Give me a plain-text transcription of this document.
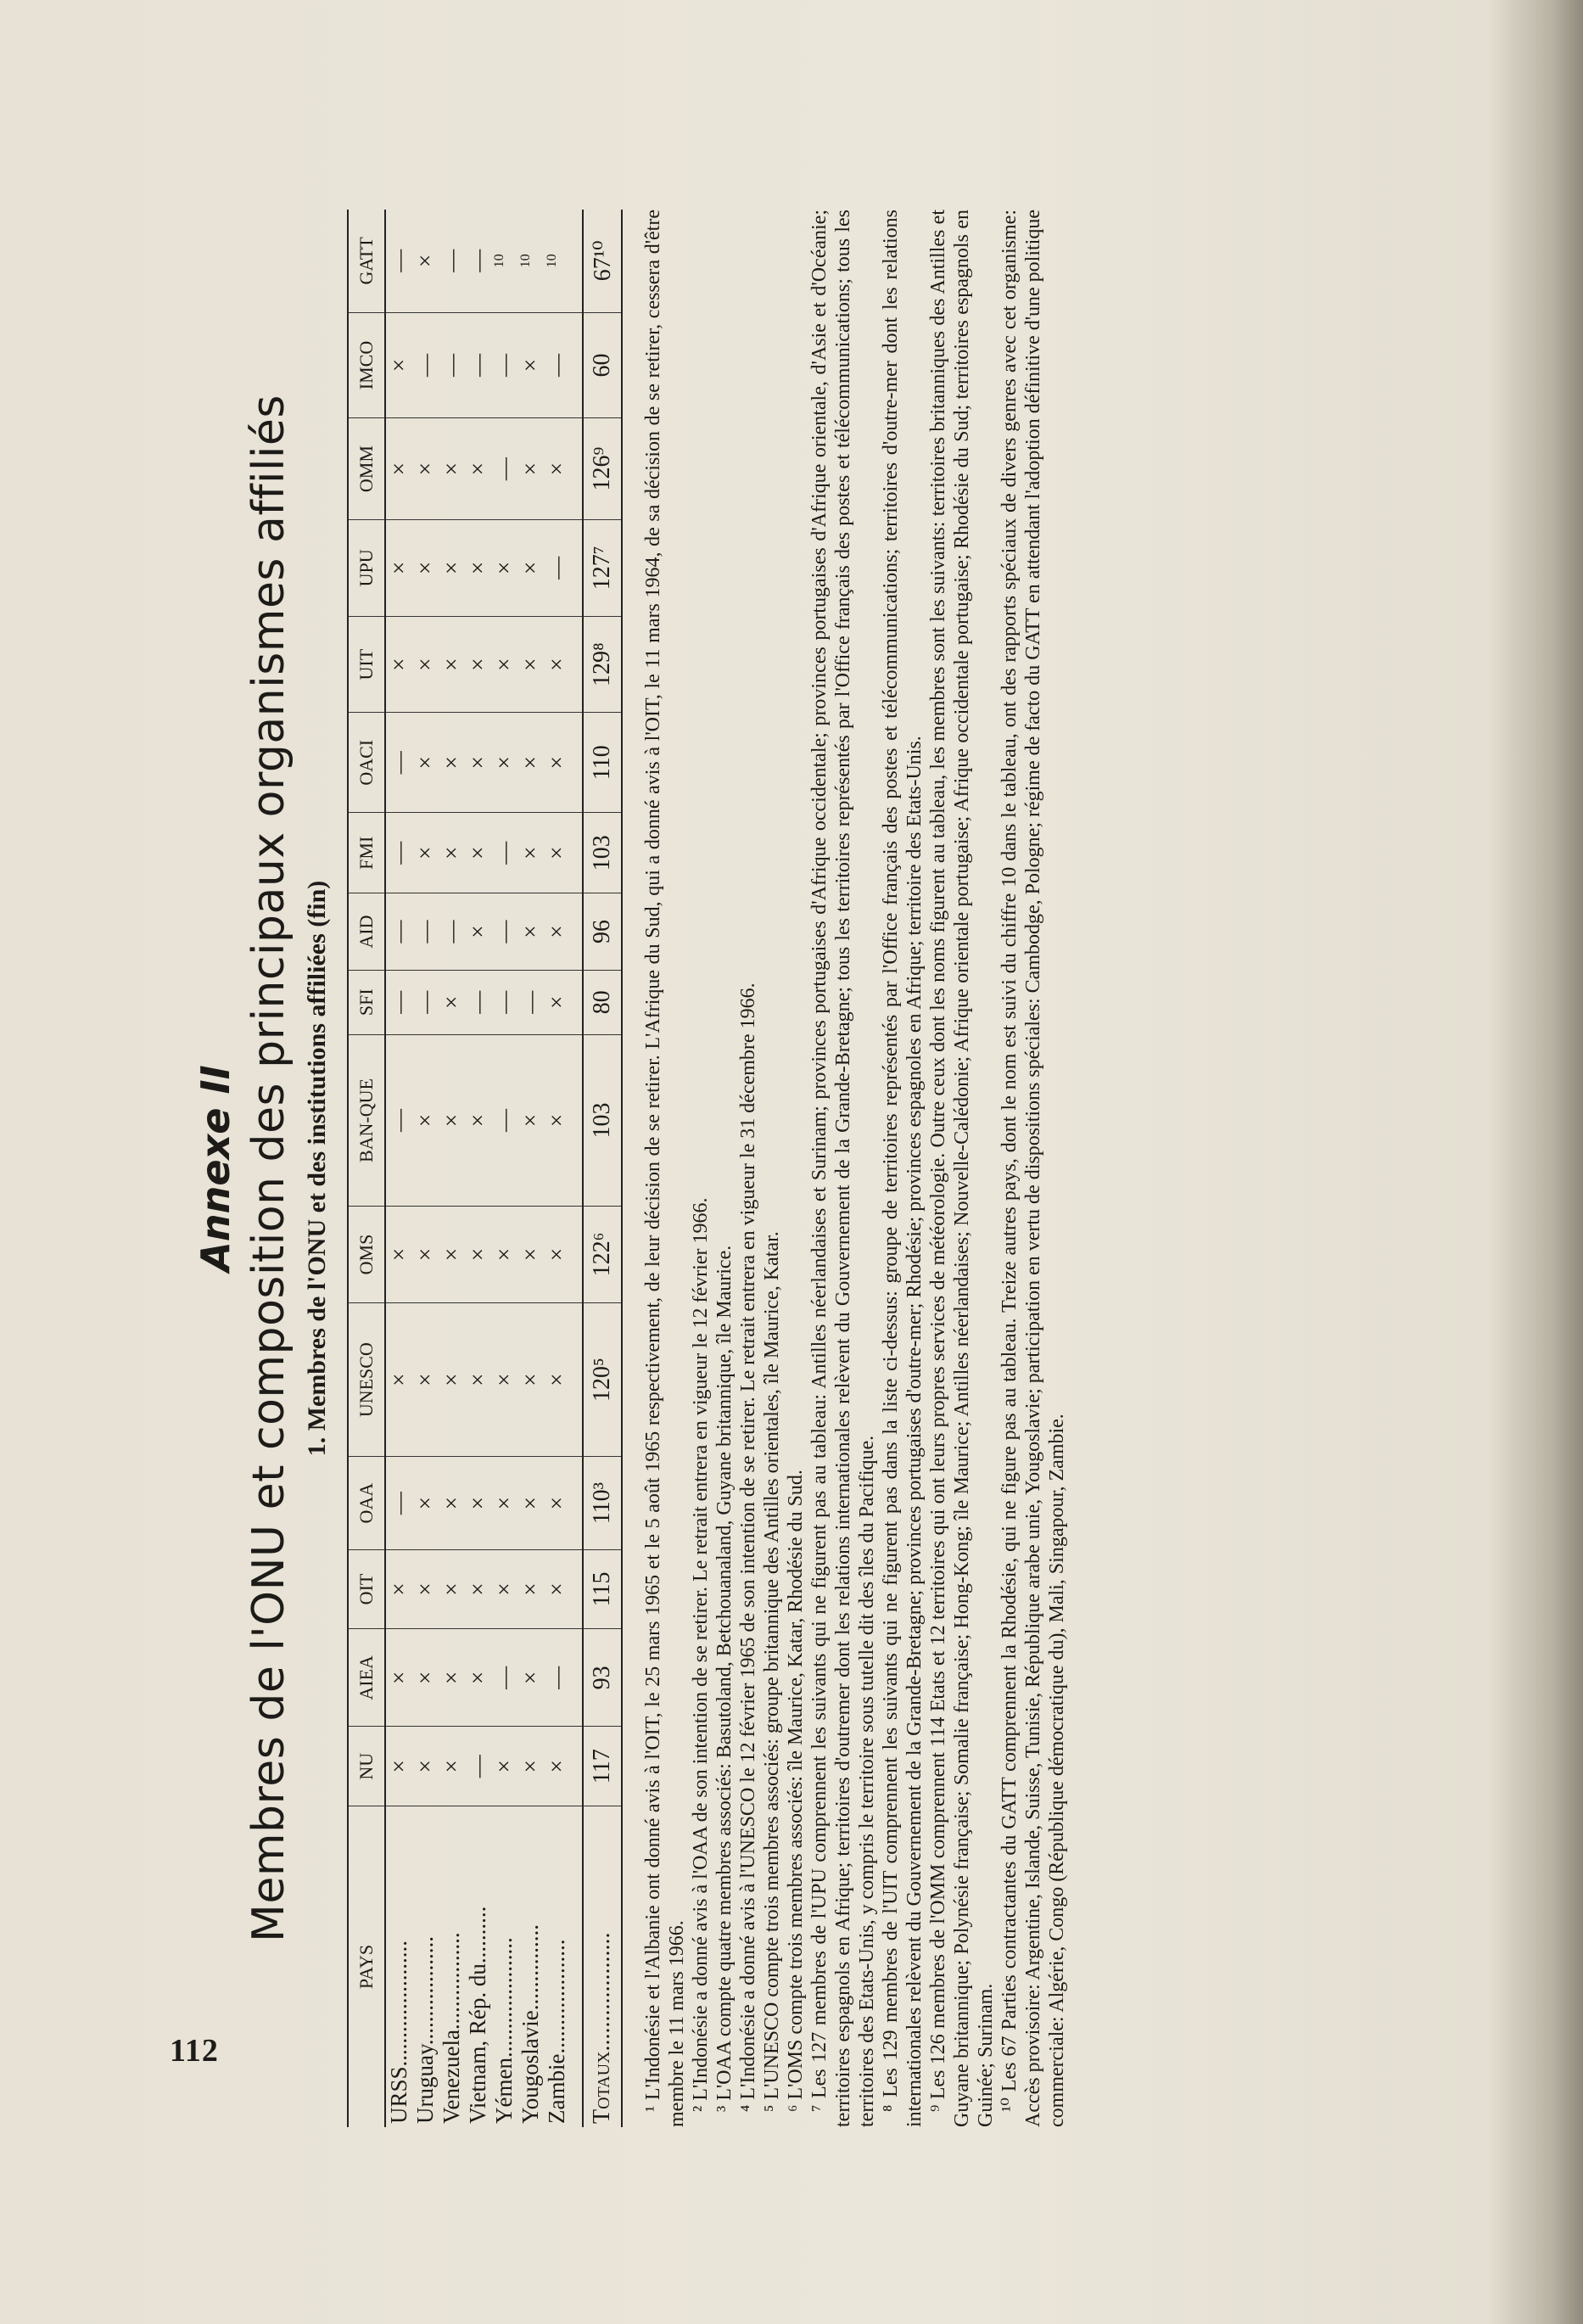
112
Annexe II Membres de l'ONU et composition des principaux organismes affiliés 1. Membres de l'ONU et des institutions affiliées (fin)
PAYS	NU	AIEA	OIT	OAA	UNESCO	OMS	BAN-QUE	SFI	AID	FMI	OACI	UIT	UPU	OMM	IMCO	GATT
URSS......................	×	×	×	—	×	×	—	—	—	—	—	×	×	×	×	—
Uruguay...................	×	×	×	×	×	×	×	—	—	×	×	×	×	×	—	×
Venezuela.................	×	×	×	×	×	×	×	×	—	×	×	×	×	×	—	—
Vietnam, Rép. du..........	—	×	×	×	×	×	×	—	×	×	×	×	×	×	—	—
Yémen.....................	×	—	×	×	×	×	—	—	—	—	×	×	×	—	—	$^{10}$
Yougoslavie...............	×	×	×	×	×	×	×	—	×	×	×	×	×	×	×	$^{10}$
Zambie....................	×	—	×	×	×	×	×	×	×	×	×	×	—	×	—	$^{10}$

Totaux....................	117	93	115	110³	120⁵	122⁶	103	80	96	103	110	129⁸	127⁷	126⁹	60	67¹⁰ ¹ L'Indonésie et l'Albanie ont donné avis à l'OIT, le 25 mars 1965 et le 5 août 1965 respectivement, de leur décision de se retirer. L'Afrique du Sud, qui a donné avis à l'OIT, le 11 mars 1964, de sa décision de se retirer, cessera d'être membre le 11 mars 1966. ² L'Indonésie a donné avis à l'OAA de son intention de se retirer. Le retrait entrera en vigueur le 12 février 1966. ³ L'OAA compte quatre membres associés: Basutoland, Betchouanaland, Guyane britannique, île Maurice. ⁴ L'Indonésie a donné avis à l'UNESCO le 12 février 1965 de son intention de se retirer. Le retrait entrera en vigueur le 31 décembre 1966. ⁵ L'UNESCO compte trois membres associés: groupe britannique des Antilles orientales, île Maurice, Katar. ⁶ L'OMS compte trois membres associés: île Maurice, Katar, Rhodésie du Sud. ⁷ Les 127 membres de l'UPU comprennent les suivants qui ne figurent pas au tableau: Antilles néerlandaises et Surinam; provinces portugaises d'Afrique occidentale; provinces portugaises d'Afrique orientale, d'Asie et d'Océanie; territoires espagnols en Afrique; territoires d'outremer dont les relations internationales relèvent du Gouvernement de la Grande-Bretagne; tous les territoires représentés par l'Office français des postes et télécommunications; tous les territoires des Etats-Unis, y compris le territoire sous tutelle dit des îles du Pacifique. ⁸ Les 129 membres de l'UIT comprennent les suivants qui ne figurent pas dans la liste ci-dessus: groupe de territoires représentés par l'Office français des postes et télécommunications; territoires d'outre-mer dont les relations internationales relèvent du Gouvernement de la Grande-Bretagne; provinces portugaises d'outre-mer; Rhodésie; provinces espagnoles en Afrique; territoire des Etats-Unis. ⁹ Les 126 membres de l'OMM comprennent 114 Etats et 12 territoires qui ont leurs propres services de météorologie. Outre ceux dont les noms figurent au tableau, les membres sont les suivants: territoires britanniques des Antilles et Guyane britannique; Polynésie française; Somalie française; Hong-Kong; île Maurice; Antilles néerlandaises; Nouvelle-Calédonie; Afrique orientale portugaise; Afrique occidentale portugaise; Rhodésie du Sud; territoires espagnols en Guinée; Surinam. ¹⁰ Les 67 Parties contractantes du GATT comprennent la Rhodésie, qui ne figure pas au tableau. Treize autres pays, dont le nom est suivi du chiffre 10 dans le tableau, ont des rapports spéciaux de divers genres avec cet organisme: Accès provisoire: Argentine, Islande, Suisse, Tunisie, République arabe unie, Yougoslavie; participation en vertu de dispositions spéciales: Cambodge, Pologne; régime de facto du GATT en attendant l'adoption définitive d'une politique commerciale: Algérie, Congo (République démocratique du), Mali, Singapour, Zambie.
